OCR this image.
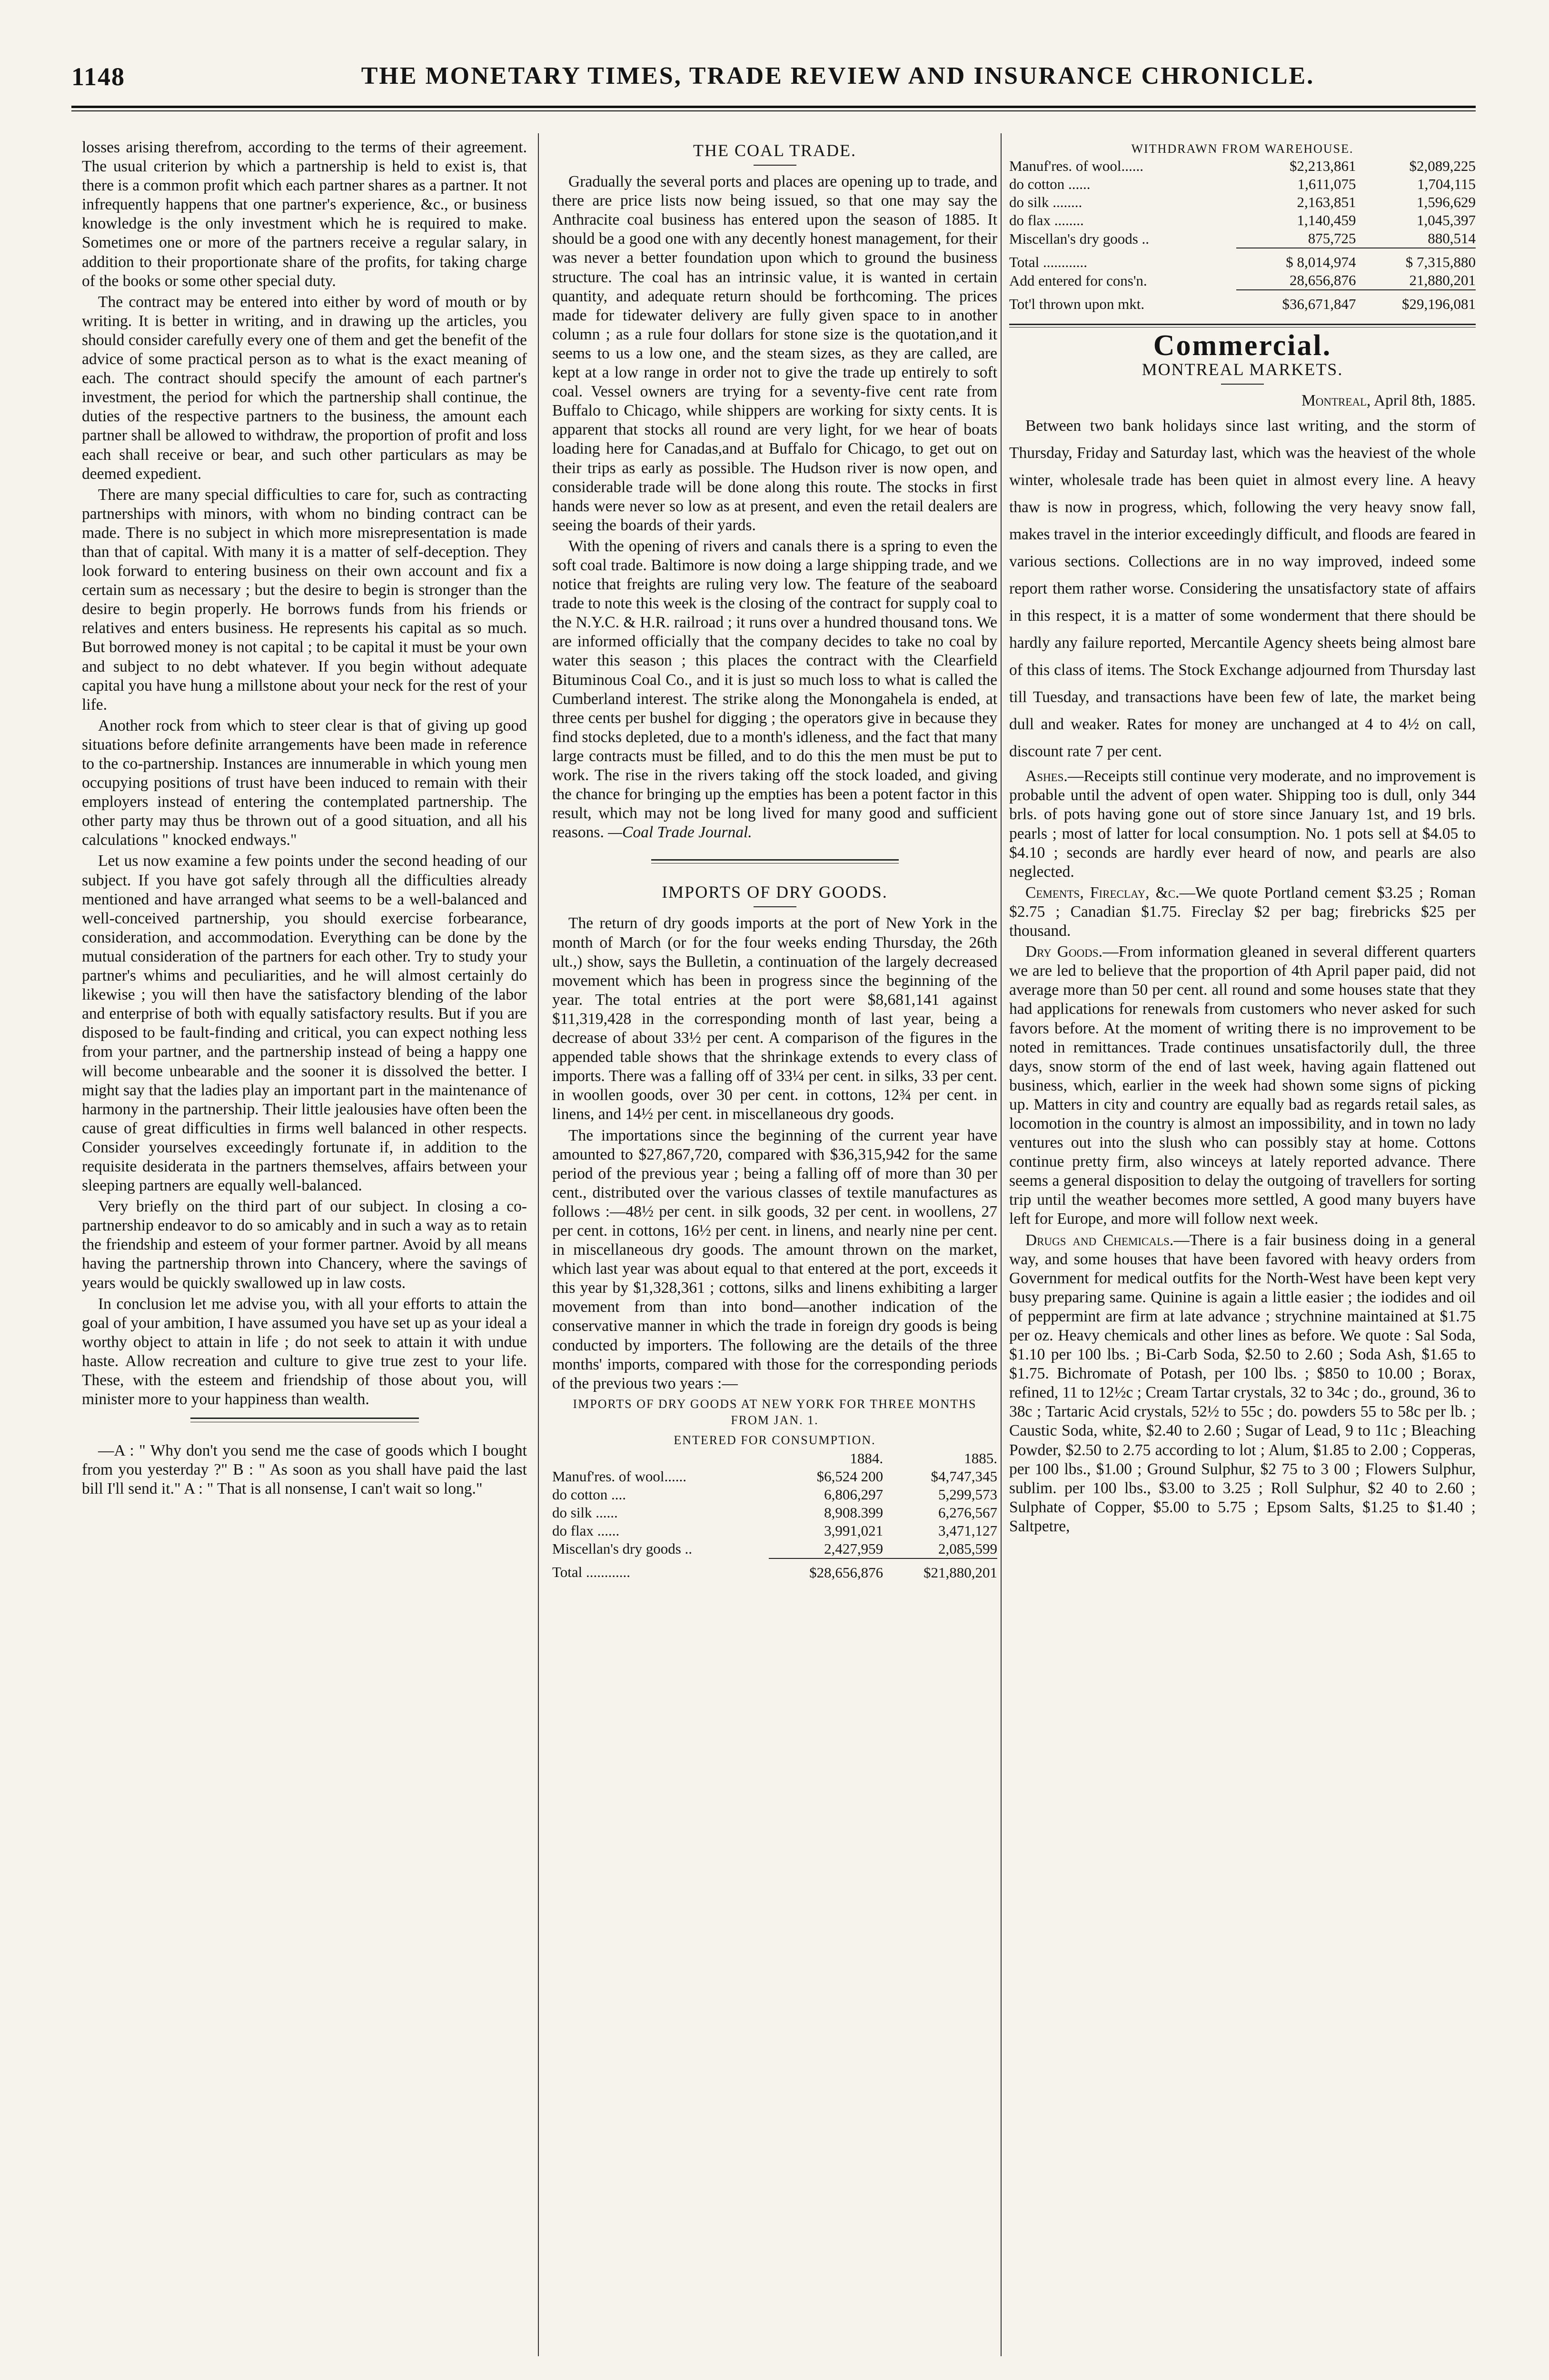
1148	THE MONETARY TIMES, TRADE REVIEW AND INSURANCE CHRONICLE.

losses arising therefrom, according to the terms of their agreement. The usual criterion by which a partnership is held to exist is, that there is a common profit which each partner shares as a partner. It not infrequently happens that one partner's experience, &c., or business knowledge is the only investment which he is required to make. Sometimes one or more of the partners receive a regular salary, in addition to their proportionate share of the profits, for taking charge of the books or some other special duty.

The contract may be entered into either by word of mouth or by writing. It is better in writing, and in drawing up the articles, you should consider carefully every one of them and get the benefit of the advice of some practical person as to what is the exact meaning of each. The contract should specify the amount of each partner's investment, the period for which the partnership shall continue, the duties of the respective partners to the business, the amount each partner shall be allowed to withdraw, the proportion of profit and loss each shall receive or bear, and such other particulars as may be deemed expedient.

There are many special difficulties to care for, such as contracting partnerships with minors, with whom no binding contract can be made. There is no subject in which more misrepresentation is made than that of capital. With many it is a matter of self-deception. They look forward to entering business on their own account and fix a certain sum as necessary ; but the desire to begin is stronger than the desire to begin properly. He borrows funds from his friends or relatives and enters business. He represents his capital as so much. But borrowed money is not capital ; to be capital it must be your own and subject to no debt whatever. If you begin without adequate capital you have hung a millstone about your neck for the rest of your life.

Another rock from which to steer clear is that of giving up good situations before definite arrangements have been made in reference to the co-partnership. Instances are innumerable in which young men occupying positions of trust have been induced to remain with their employers instead of entering the contemplated partnership. The other party may thus be thrown out of a good situation, and all his calculations " knocked endways."

Let us now examine a few points under the second heading of our subject. If you have got safely through all the difficulties already mentioned and have arranged what seems to be a well-balanced and well-conceived partnership, you should exercise forbearance, consideration, and accommodation. Everything can be done by the mutual consideration of the partners for each other. Try to study your partner's whims and peculiarities, and he will almost certainly do likewise ; you will then have the satisfactory blending of the labor and enterprise of both with equally satisfactory results. But if you are disposed to be fault-finding and critical, you can expect nothing less from your partner, and the partnership instead of being a happy one will become unbearable and the sooner it is dissolved the better. I might say that the ladies play an important part in the maintenance of harmony in the partnership. Their little jealousies have often been the cause of great difficulties in firms well balanced in other respects. Consider yourselves exceedingly fortunate if, in addition to the requisite desiderata in the partners themselves, affairs between your sleeping partners are equally well-balanced.

Very briefly on the third part of our subject. In closing a co-partnership endeavor to do so amicably and in such a way as to retain the friendship and esteem of your former partner. Avoid by all means having the partnership thrown into Chancery, where the savings of years would be quickly swallowed up in law costs.

In conclusion let me advise you, with all your efforts to attain the goal of your ambition, I have assumed you have set up as your ideal a worthy object to attain in life ; do not seek to attain it with undue haste. Allow recreation and culture to give true zest to your life. These, with the esteem and friendship of those about you, will minister more to your happiness than wealth.

—A : " Why don't you send me the case of goods which I bought from you yesterday ?" B : " As soon as you shall have paid the last bill I'll send it." A : " That is all nonsense, I can't wait so long."

THE COAL TRADE.

Gradually the several ports and places are opening up to trade, and there are price lists now being issued, so that one may say the Anthracite coal business has entered upon the season of 1885. It should be a good one with any decently honest management, for their was never a better foundation upon which to ground the business structure. The coal has an intrinsic value, it is wanted in certain quantity, and adequate return should be forthcoming. The prices made for tidewater delivery are fully given space to in another column ; as a rule four dollars for stone size is the quotation,and it seems to us a low one, and the steam sizes, as they are called, are kept at a low range in order not to give the trade up entirely to soft coal. Vessel owners are trying for a seventy-five cent rate from Buffalo to Chicago, while shippers are working for sixty cents. It is apparent that stocks all round are very light, for we hear of boats loading here for Canadas,and at Buffalo for Chicago, to get out on their trips as early as possible. The Hudson river is now open, and considerable trade will be done along this route. The stocks in first hands were never so low as at present, and even the retail dealers are seeing the boards of their yards.

With the opening of rivers and canals there is a spring to even the soft coal trade. Baltimore is now doing a large shipping trade, and we notice that freights are ruling very low. The feature of the seaboard trade to note this week is the closing of the contract for supply coal to the N.Y.C. & H.R. railroad ; it runs over a hundred thousand tons. We are informed officially that the company decides to take no coal by water this season ; this places the contract with the Clearfield Bituminous Coal Co., and it is just so much loss to what is called the Cumberland interest. The strike along the Monongahela is ended, at three cents per bushel for digging ; the operators give in because they find stocks depleted, due to a month's idleness, and the fact that many large contracts must be filled, and to do this the men must be put to work. The rise in the rivers taking off the stock loaded, and giving the chance for bringing up the empties has been a potent factor in this result, which may not be long lived for many good and sufficient reasons. —Coal Trade Journal.

IMPORTS OF DRY GOODS.

The return of dry goods imports at the port of New York in the month of March (or for the four weeks ending Thursday, the 26th ult.,) show, says the Bulletin, a continuation of the largely decreased movement which has been in progress since the beginning of the year. The total entries at the port were $8,681,141 against $11,319,428 in the corresponding month of last year, being a decrease of about 33½ per cent. A comparison of the figures in the appended table shows that the shrinkage extends to every class of imports. There was a falling off of 33¼ per cent. in silks, 33 per cent. in woollen goods, over 30 per cent. in cottons, 12¾ per cent. in linens, and 14½ per cent. in miscellaneous dry goods.

The importations since the beginning of the current year have amounted to $27,867,720, compared with $36,315,942 for the same period of the previous year ; being a falling off of more than 30 per cent., distributed over the various classes of textile manufactures as follows :—48½ per cent. in silk goods, 32 per cent. in woollens, 27 per cent. in cottons, 16½ per cent. in linens, and nearly nine per cent. in miscellaneous dry goods. The amount thrown on the market, which last year was about equal to that entered at the port, exceeds it this year by $1,328,361 ; cottons, silks and linens exhibiting a larger movement from than into bond—another indication of the conservative manner in which the trade in foreign dry goods is being conducted by importers. The following are the details of the three months' imports, compared with those for the corresponding periods of the previous two years :—

IMPORTS OF DRY GOODS AT NEW YORK FOR THREE MONTHS FROM JAN. 1.
ENTERED FOR CONSUMPTION.
	1884.	1885.
Manuf'res. of wool......	$6,524 200	$4,747,345
do cotton ....	6,806,297	5,299,573
do silk ......	8,908.399	6,276,567
do flax ......	3,991,021	3,471,127
Miscellan's dry goods ..	2,427,959	2,085,599
Total ............	$28,656,876	$21,880,201
WITHDRAWN FROM WAREHOUSE.
Manuf'res. of wool......	$2,213,861	$2,089,225
do cotton ......	1,611,075	1,704,115
do silk ........	2,163,851	1,596,629
do flax ........	1,140,459	1,045,397
Miscellan's dry goods ..	875,725	880,514
Total ............	$ 8,014,974	$ 7,315,880
Add entered for cons'n.	28,656,876	21,880,201
Tot'l thrown upon mkt.	$36,671,847	$29,196,081
Commercial.
MONTREAL MARKETS.
Montreal, April 8th, 1885.

Between two bank holidays since last writing, and the storm of Thursday, Friday and Saturday last, which was the heaviest of the whole winter, wholesale trade has been quiet in almost every line. A heavy thaw is now in progress, which, following the very heavy snow fall, makes travel in the interior exceedingly difficult, and floods are feared in various sections. Collections are in no way improved, indeed some report them rather worse. Considering the unsatisfactory state of affairs in this respect, it is a matter of some wonderment that there should be hardly any failure reported, Mercantile Agency sheets being almost bare of this class of items. The Stock Exchange adjourned from Thursday last till Tuesday, and transactions have been few of late, the market being dull and weaker. Rates for money are unchanged at 4 to 4½ on call, discount rate 7 per cent.

Ashes.—Receipts still continue very moderate, and no improvement is probable until the advent of open water. Shipping too is dull, only 344 brls. of pots having gone out of store since January 1st, and 19 brls. pearls ; most of latter for local consumption. No. 1 pots sell at $4.05 to $4.10 ; seconds are hardly ever heard of now, and pearls are also neglected.

Cements, Fireclay, &c.—We quote Portland cement $3.25 ; Roman $2.75 ; Canadian $1.75. Fireclay $2 per bag; firebricks $25 per thousand.

Dry Goods.—From information gleaned in several different quarters we are led to believe that the proportion of 4th April paper paid, did not average more than 50 per cent. all round and some houses state that they had applications for renewals from customers who never asked for such favors before. At the moment of writing there is no improvement to be noted in remittances. Trade continues unsatisfactorily dull, the three days, snow storm of the end of last week, having again flattened out business, which, earlier in the week had shown some signs of picking up. Matters in city and country are equally bad as regards retail sales, as locomotion in the country is almost an impossibility, and in town no lady ventures out into the slush who can possibly stay at home. Cottons continue pretty firm, also winceys at lately reported advance. There seems a general disposition to delay the outgoing of travellers for sorting trip until the weather becomes more settled, A good many buyers have left for Europe, and more will follow next week.

Drugs and Chemicals.—There is a fair business doing in a general way, and some houses that have been favored with heavy orders from Government for medical outfits for the North-West have been kept very busy preparing same. Quinine is again a little easier ; the iodides and oil of peppermint are firm at late advance ; strychnine maintained at $1.75 per oz. Heavy chemicals and other lines as before. We quote : Sal Soda, $1.10 per 100 lbs. ; Bi-Carb Soda, $2.50 to 2.60 ; Soda Ash, $1.65 to $1.75. Bichromate of Potash, per 100 lbs. ; $850 to 10.00 ; Borax, refined, 11 to 12½c ; Cream Tartar crystals, 32 to 34c ; do., ground, 36 to 38c ; Tartaric Acid crystals, 52½ to 55c ; do. powders 55 to 58c per lb. ; Caustic Soda, white, $2.40 to 2.60 ; Sugar of Lead, 9 to 11c ; Bleaching Powder, $2.50 to 2.75 according to lot ; Alum, $1.85 to 2.00 ; Copperas, per 100 lbs., $1.00 ; Ground Sulphur, $2 75 to 3 00 ; Flowers Sulphur, sublim. per 100 lbs., $3.00 to 3.25 ; Roll Sulphur, $2 40 to 2.60 ; Sulphate of Copper, $5.00 to 5.75 ; Epsom Salts, $1.25 to $1.40 ; Saltpetre,
